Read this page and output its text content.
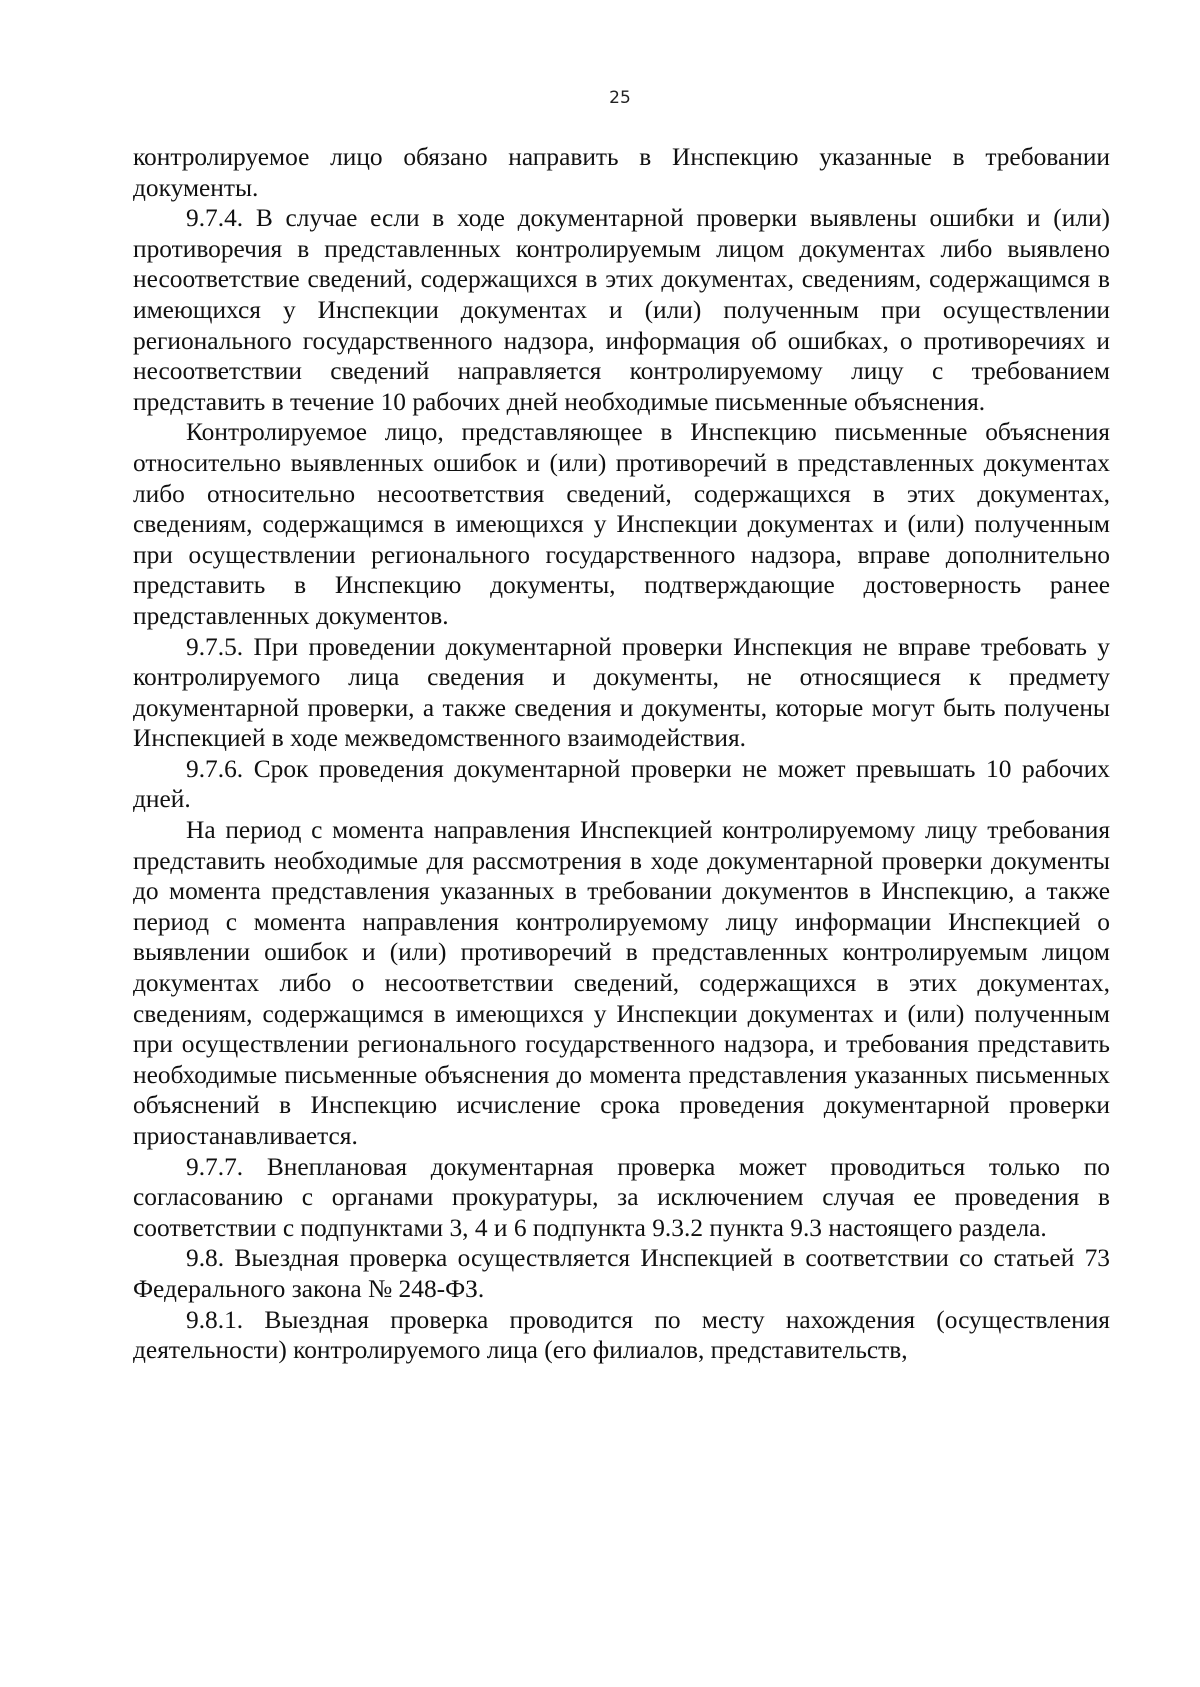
25

контролируемое лицо обязано направить в Инспекцию указанные в требовании документы.

9.7.4. В случае если в ходе документарной проверки выявлены ошибки и (или) противоречия в представленных контролируемым лицом документах либо выявлено несоответствие сведений, содержащихся в этих документах, сведениям, содержащимся в имеющихся у Инспекции документах и (или) полученным при осуществлении регионального государственного надзора, информация об ошибках, о противоречиях и несоответствии сведений направляется контролируемому лицу с требованием представить в течение 10 рабочих дней необходимые письменные объяснения.

Контролируемое лицо, представляющее в Инспекцию письменные объяснения относительно выявленных ошибок и (или) противоречий в представленных документах либо относительно несоответствия сведений, содержащихся в этих документах, сведениям, содержащимся в имеющихся у Инспекции документах и (или) полученным при осуществлении регионального государственного надзора, вправе дополнительно представить в Инспекцию документы, подтверждающие достоверность ранее представленных документов.

9.7.5. При проведении документарной проверки Инспекция не вправе требовать у контролируемого лица сведения и документы, не относящиеся к предмету документарной проверки, а также сведения и документы, которые могут быть получены Инспекцией в ходе межведомственного взаимодействия.

9.7.6. Срок проведения документарной проверки не может превышать 10 рабочих дней.

На период с момента направления Инспекцией контролируемому лицу требования представить необходимые для рассмотрения в ходе документарной проверки документы до момента представления указанных в требовании документов в Инспекцию, а также период с момента направления контролируемому лицу информации Инспекцией о выявлении ошибок и (или) противоречий в представленных контролируемым лицом документах либо о несоответствии сведений, содержащихся в этих документах, сведениям, содержащимся в имеющихся у Инспекции документах и (или) полученным при осуществлении регионального государственного надзора, и требования представить необходимые письменные объяснения до момента представления указанных письменных объяснений в Инспекцию исчисление срока проведения документарной проверки приостанавливается.

9.7.7. Внеплановая документарная проверка может проводиться только по согласованию с органами прокуратуры, за исключением случая ее проведения в соответствии с подпунктами 3, 4 и 6 подпункта 9.3.2 пункта 9.3 настоящего раздела.

9.8. Выездная проверка осуществляется Инспекцией в соответствии со статьей 73 Федерального закона № 248-ФЗ.

9.8.1. Выездная проверка проводится по месту нахождения (осуществления деятельности) контролируемого лица (его филиалов, представительств,
